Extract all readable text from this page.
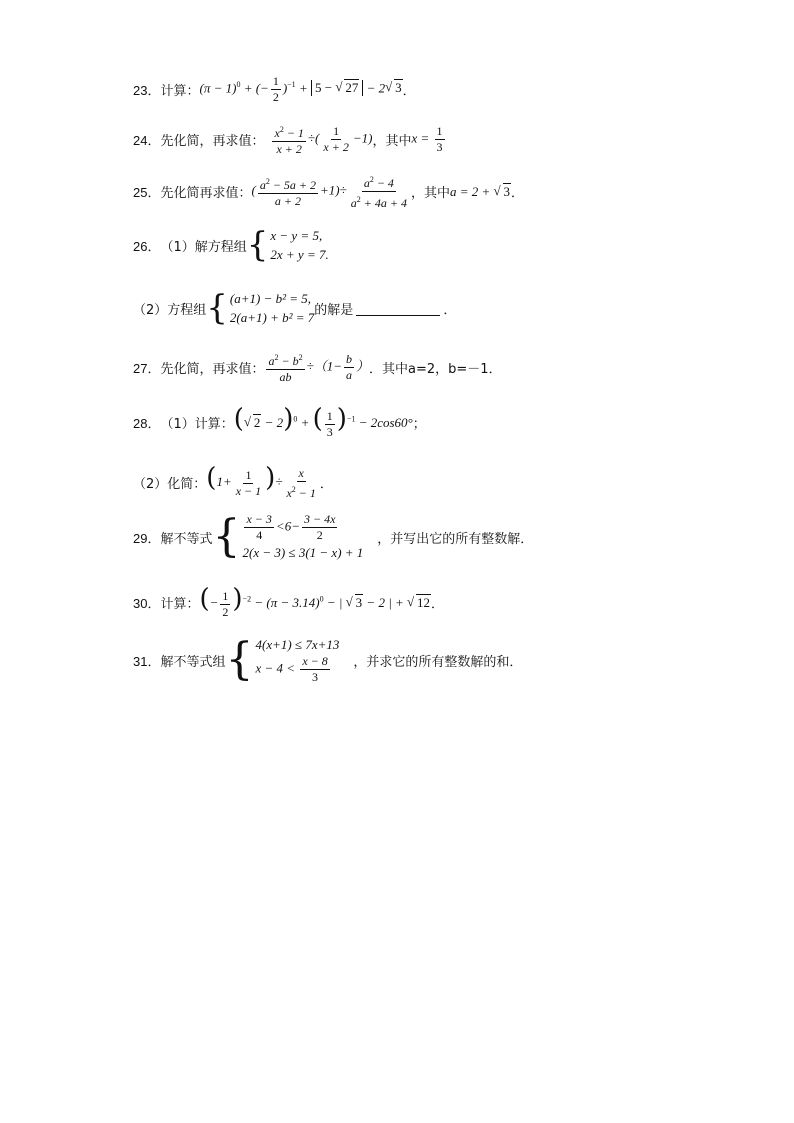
23． 计算： $(\pi - 1)^0$ + (− $\frac{1}{2} )^{-1} + 5$ − √ 27 − 2 √ 3 ．
24． 先化简，再求值： $\frac{x^2 - 1}{x + 2}$ ÷( $\frac{1}{x + 2} -1$) ，其中 $x = \frac{1}{3}$
25． 先化简再求值： ( $\frac{a^2 - 5a + 2}{a + 2} +1)\div \frac{a^2 - 4}{a^2 + 4a + 4}$ ，其中 a = 2 + √ 3 ．
26． （1）解方程组 { x − y = 5,
2x + y = 7.
（2）方程组 { (a+1) − b² = 5,
2(a+1) + b² = 7 的解是	．
27． 先化简，再求值： $\frac{a^2 - b^2}{ab} \div(1- \frac{b}{a}$ ） ．其中a=2，b=－1．
28． （1）计算： ( √ 2 − 2)$^0$ + ( $\frac{1}{3} )^{-1} - 2\cos 60^\circ$ ；
（2）化简： ($1+ \frac{1}{x - 1}$ )÷ $\frac{x}{x^2 - 1}$ ．
29． 解不等式 { $\frac{x - 3}{4} <6- \frac{3 - 4x}{2}$
2(x − 3) ≤ 3(1 − x) + 1
，并写出它的所有整数解．
30． 计算： (− $\frac{1}{2} )^{-2} - (\pi - 3.14)^0$ − | √ 3 − 2 | + √ 12 ．
31． 解不等式组 { 4(x+1) ≤ 7x+13
$x - 4 < \frac{x - 8}{3}$ ，并求它的所有整数解的和．
